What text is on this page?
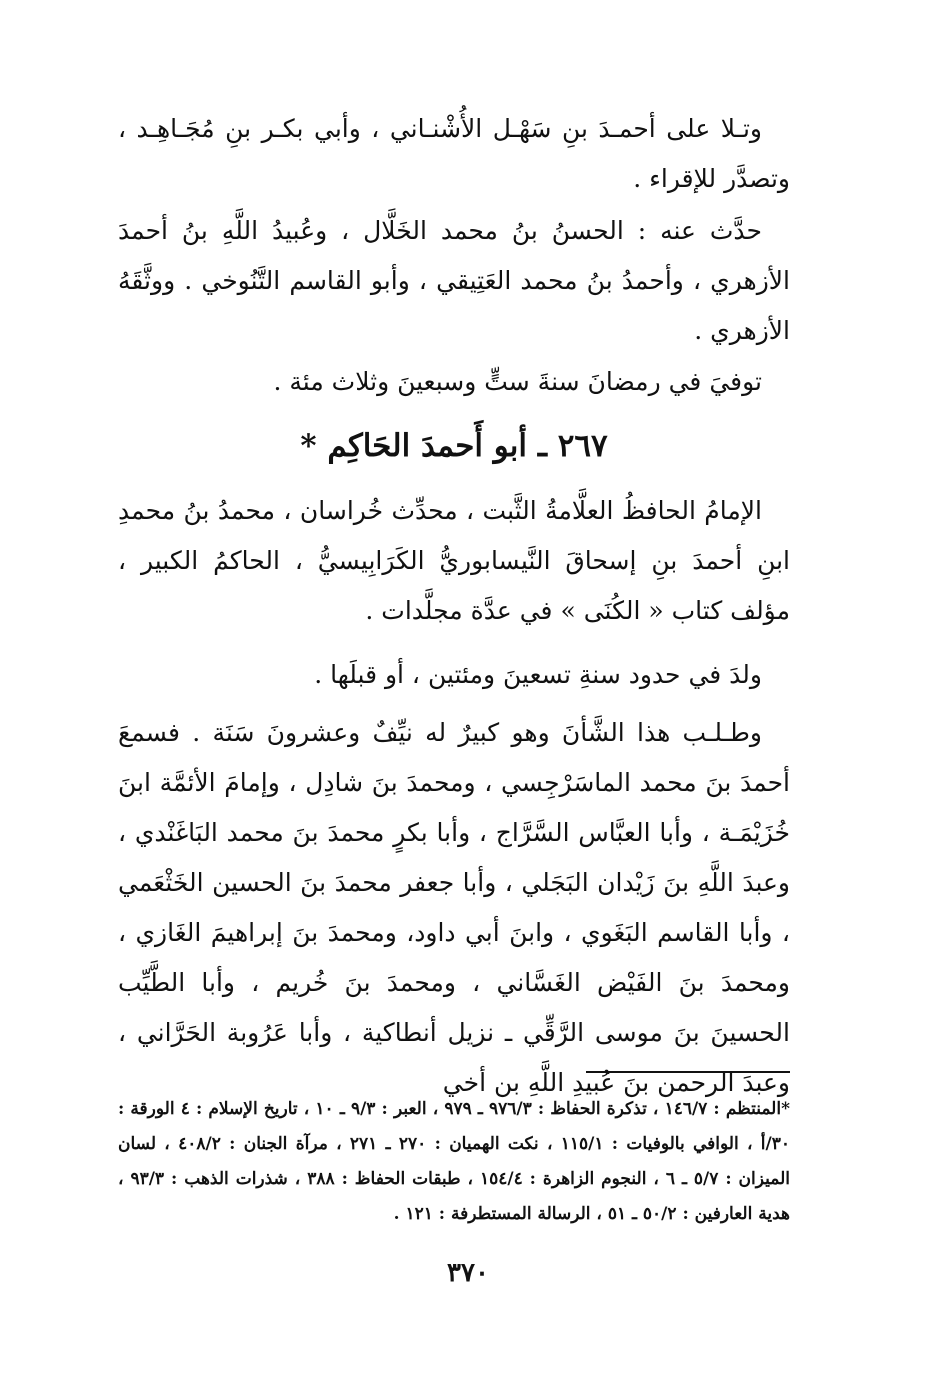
وتـلا على أحمـدَ بنِ سَهْـل الأُشْنـاني ، وأبي بكـر بنِ مُجَـاهِـد ، وتصدَّر للإقراء .

حدَّث عنه : الحسنُ بنُ محمد الخَلَّال ، وعُبيدُ اللَّهِ بنُ أحمدَ الأزهري ، وأحمدُ بنُ محمد العَتِيقي ، وأبو القاسم التَّنُوخي . ووثَّقَهُ الأزهري .

توفيَ في رمضانَ سنةَ ستٍّ وسبعينَ وثلاث مئة .

٢٦٧ ـ أبو أَحمدَ الحَاكِم *

الإمامُ الحافظُ العلَّامةُ الثَّبت ، محدِّث خُراسان ، محمدُ بنُ محمدِ ابنِ أحمدَ بنِ إسحاقَ النَّيسابوريُّ الكَرَابِيسيُّ ، الحاكمُ الكبير ، مؤلف كتاب « الكُنَى » في عدَّة مجلَّدات .

ولدَ في حدود سنةِ تسعينَ ومئتين ، أو قبلَها .

وطـلـب هذا الشَّأنَ وهو كبيرٌ له نيِّفٌ وعشرونَ سَنَة . فسمعَ أحمدَ بنَ محمد الماسَرْجِسي ، ومحمدَ بنَ شادِل ، وإمامَ الأئمَّة ابنَ خُزَيْمَـة ، وأبا العبَّاس السَّرَّاج ، وأبا بكرٍ محمدَ بنَ محمد البَاغَنْدي ، وعبدَ اللَّهِ بنَ زَيْدان البَجَلي ، وأبا جعفر محمدَ بنَ الحسين الخَثْعَمي ، وأبا القاسم البَغَوي ، وابنَ أبي داود، ومحمدَ بنَ إبراهيمَ الغَازي ، ومحمدَ بنَ الفَيْض الغَسَّاني ، ومحمدَ بنَ خُريم ، وأبا الطَّيِّب الحسينَ بنَ موسى الرَّقِّي ـ نزيل أنطاكية ، وأبا عَرُوبة الحَرَّاني ، وعبدَ الرحمن بنَ عُبيدِ اللَّهِ بن أخي

*المنتظم : ١٤٦/٧ ، تذكرة الحفاظ : ٩٧٦/٣ ـ ٩٧٩ ، العبر : ٩/٣ ـ ١٠ ، تاريخ الإسلام : ٤ الورقة : ٣٠/أ ، الوافي بالوفيات : ١١٥/١ ، نكت الهميان : ٢٧٠ ـ ٢٧١ ، مرآة الجنان : ٤٠٨/٢ ، لسان الميزان : ٥/٧ ـ ٦ ، النجوم الزاهرة : ١٥٤/٤ ، طبقات الحفاظ : ٣٨٨ ، شذرات الذهب : ٩٣/٣ ، هدية العارفين : ٥٠/٢ ـ ٥١ ، الرسالة المستطرفة : ١٢١ .

٣٧٠
